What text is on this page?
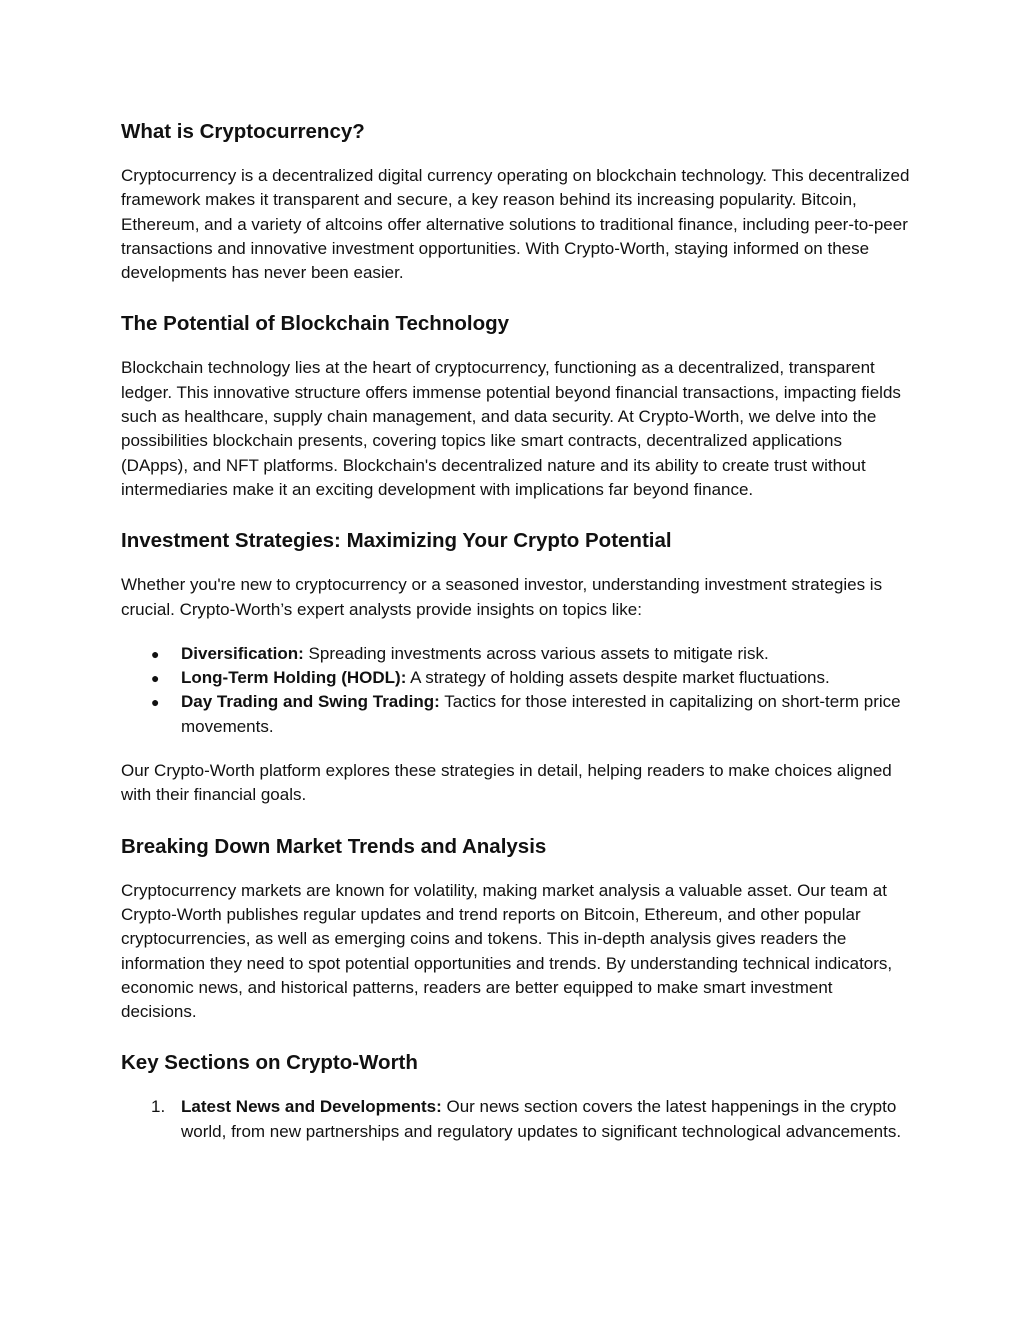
What is Cryptocurrency?

Cryptocurrency is a decentralized digital currency operating on blockchain technology. This decentralized framework makes it transparent and secure, a key reason behind its increasing popularity. Bitcoin, Ethereum, and a variety of altcoins offer alternative solutions to traditional finance, including peer-to-peer transactions and innovative investment opportunities. With Crypto-Worth, staying informed on these developments has never been easier.

The Potential of Blockchain Technology

Blockchain technology lies at the heart of cryptocurrency, functioning as a decentralized, transparent ledger. This innovative structure offers immense potential beyond financial transactions, impacting fields such as healthcare, supply chain management, and data security. At Crypto-Worth, we delve into the possibilities blockchain presents, covering topics like smart contracts, decentralized applications (DApps), and NFT platforms. Blockchain's decentralized nature and its ability to create trust without intermediaries make it an exciting development with implications far beyond finance.

Investment Strategies: Maximizing Your Crypto Potential

Whether you're new to cryptocurrency or a seasoned investor, understanding investment strategies is crucial. Crypto-Worth’s expert analysts provide insights on topics like:

● Diversification: Spreading investments across various assets to mitigate risk.
● Long-Term Holding (HODL): A strategy of holding assets despite market fluctuations.
● Day Trading and Swing Trading: Tactics for those interested in capitalizing on short-term price movements.

Our Crypto-Worth platform explores these strategies in detail, helping readers to make choices aligned with their financial goals.

Breaking Down Market Trends and Analysis

Cryptocurrency markets are known for volatility, making market analysis a valuable asset. Our team at Crypto-Worth publishes regular updates and trend reports on Bitcoin, Ethereum, and other popular cryptocurrencies, as well as emerging coins and tokens. This in-depth analysis gives readers the information they need to spot potential opportunities and trends. By understanding technical indicators, economic news, and historical patterns, readers are better equipped to make smart investment decisions.

Key Sections on Crypto-Worth
1. Latest News and Developments: Our news section covers the latest happenings in the crypto world, from new partnerships and regulatory updates to significant technological advancements.
